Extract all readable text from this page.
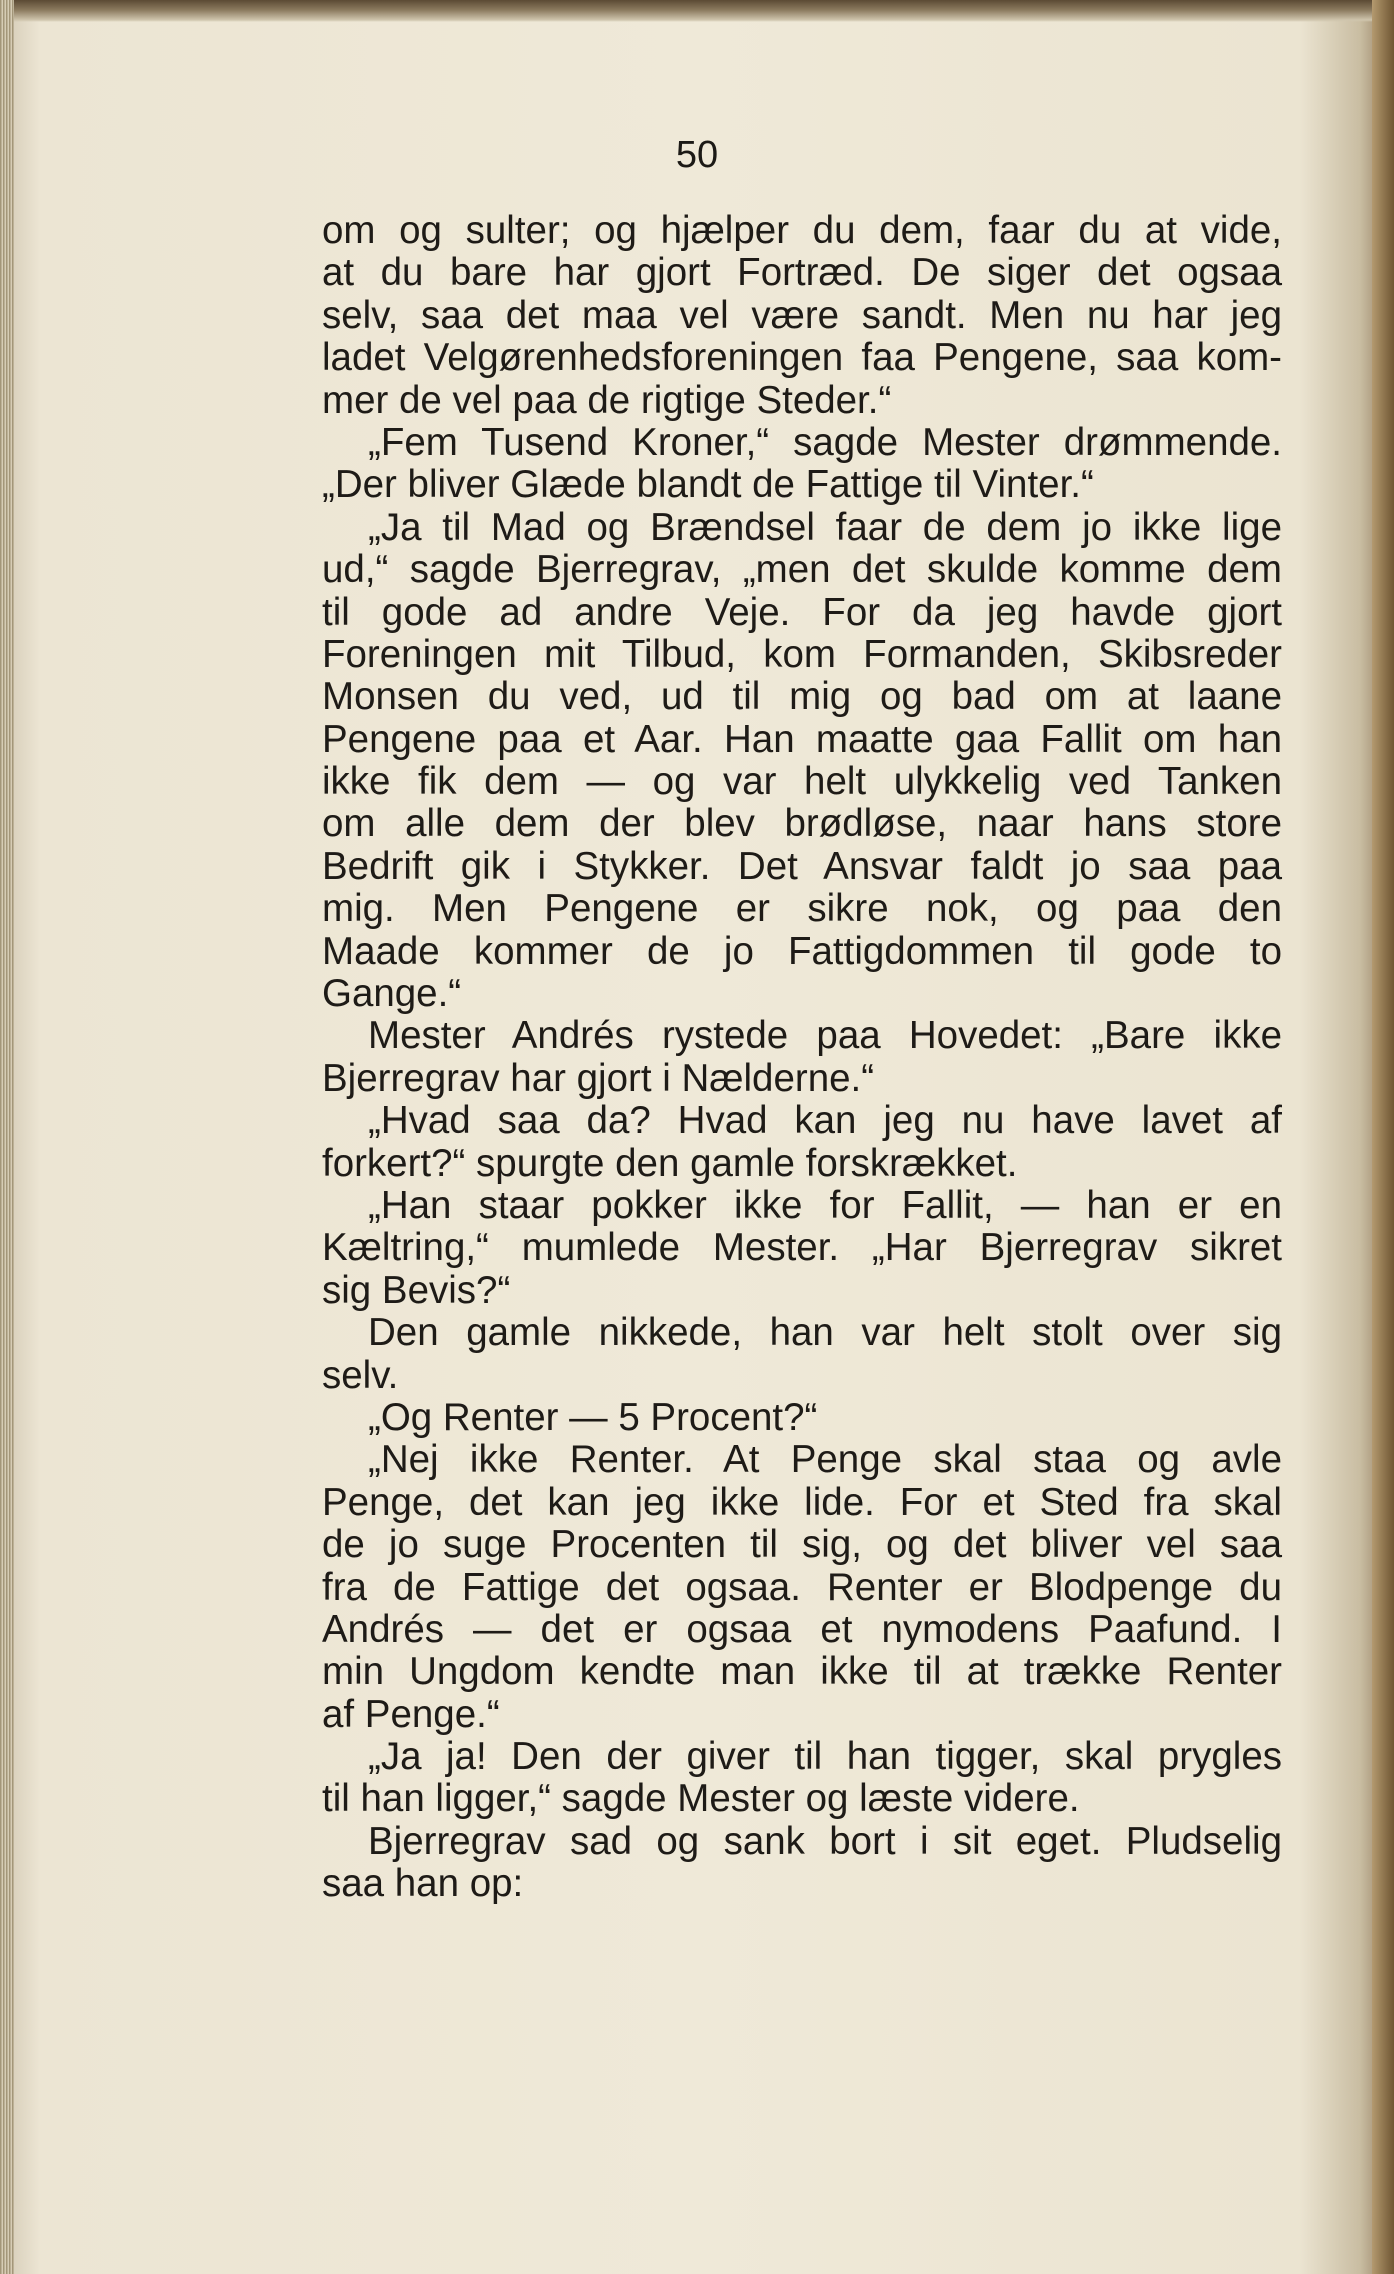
50
om og sulter; og hjælper du dem, faar du at vide,
at du bare har gjort Fortræd. De siger det ogsaa
selv, saa det maa vel være sandt. Men nu har jeg
ladet Velgørenhedsforeningen faa Pengene, saa kom-
mer de vel paa de rigtige Steder.“
„Fem Tusend Kroner,“ sagde Mester drømmende.
„Der bliver Glæde blandt de Fattige til Vinter.“
„Ja til Mad og Brændsel faar de dem jo ikke lige
ud,“ sagde Bjerregrav, „men det skulde komme dem
til gode ad andre Veje. For da jeg havde gjort
Foreningen mit Tilbud, kom Formanden, Skibsreder
Monsen du ved, ud til mig og bad om at laane
Pengene paa et Aar. Han maatte gaa Fallit om han
ikke fik dem — og var helt ulykkelig ved Tanken
om alle dem der blev brødløse, naar hans store
Bedrift gik i Stykker. Det Ansvar faldt jo saa paa
mig. Men Pengene er sikre nok, og paa den
Maade kommer de jo Fattigdommen til gode to
Gange.“
Mester Andrés rystede paa Hovedet: „Bare ikke
Bjerregrav har gjort i Nælderne.“
„Hvad saa da? Hvad kan jeg nu have lavet af
forkert?“ spurgte den gamle forskrækket.
„Han staar pokker ikke for Fallit, — han er en
Kæltring,“ mumlede Mester. „Har Bjerregrav sikret
sig Bevis?“
Den gamle nikkede, han var helt stolt over sig
selv.
„Og Renter — 5 Procent?“
„Nej ikke Renter. At Penge skal staa og avle
Penge, det kan jeg ikke lide. For et Sted fra skal
de jo suge Procenten til sig, og det bliver vel saa
fra de Fattige det ogsaa. Renter er Blodpenge du
Andrés — det er ogsaa et nymodens Paafund. I
min Ungdom kendte man ikke til at trække Renter
af Penge.“
„Ja ja! Den der giver til han tigger, skal prygles
til han ligger,“ sagde Mester og læste videre.
Bjerregrav sad og sank bort i sit eget. Pludselig
saa han op:
